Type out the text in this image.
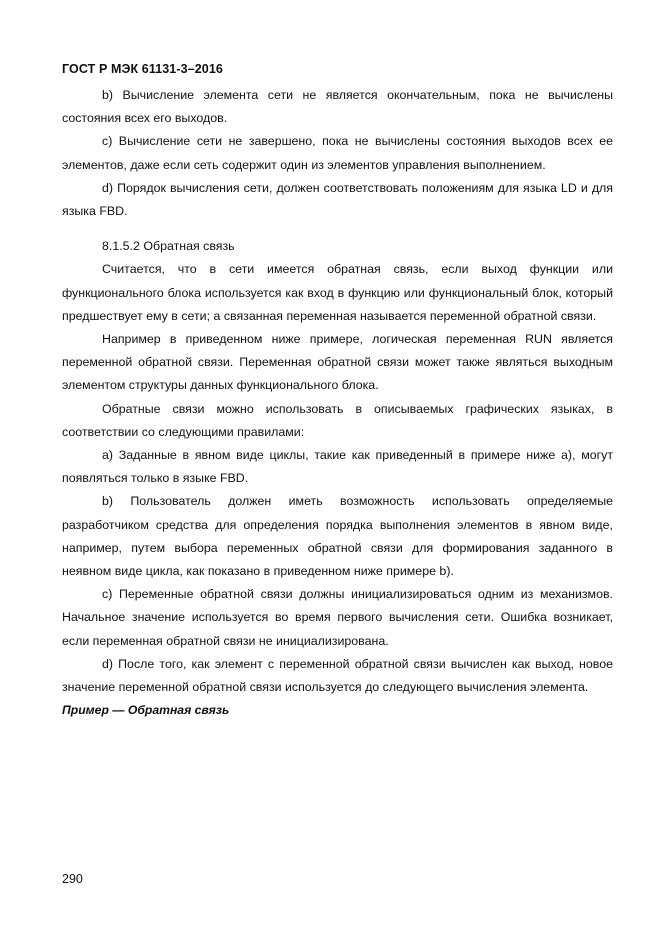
ГОСТ Р МЭК 61131-3–2016

b) Вычисление элемента сети не является окончательным, пока не вычислены состояния всех его выходов.

c) Вычисление сети не завершено, пока не вычислены состояния выходов всех ее элементов, даже если сеть содержит один из элементов управления выполнением.

d) Порядок вычисления сети, должен соответствовать положениям для языка LD и для языка FBD.

8.1.5.2 Обратная связь

Считается, что в сети имеется обратная связь, если выход функции или функционального блока используется как вход в функцию или функциональный блок, который предшествует ему в сети; а связанная переменная называется переменной обратной связи.

Например в приведенном ниже примере, логическая переменная RUN является переменной обратной связи. Переменная обратной связи может также являться выходным элементом структуры данных функционального блока.

Обратные связи можно использовать в описываемых графических языках, в соответствии со следующими правилами:

а) Заданные в явном виде циклы, такие как приведенный в примере ниже а), могут появляться только в языке FBD.

b) Пользователь должен иметь возможность использовать определяемые разработчиком средства для определения порядка выполнения элементов в явном виде, например, путем выбора переменных обратной связи для формирования заданного в неявном виде цикла, как показано в приведенном ниже примере b).

c) Переменные обратной связи должны инициализироваться одним из механизмов. Начальное значение используется во время первого вычисления сети. Ошибка возникает, если переменная обратной связи не инициализирована.

d) После того, как элемент с переменной обратной связи вычислен как выход, новое значение переменной обратной связи используется до следующего вычисления элемента.

Пример — Обратная связь

290
